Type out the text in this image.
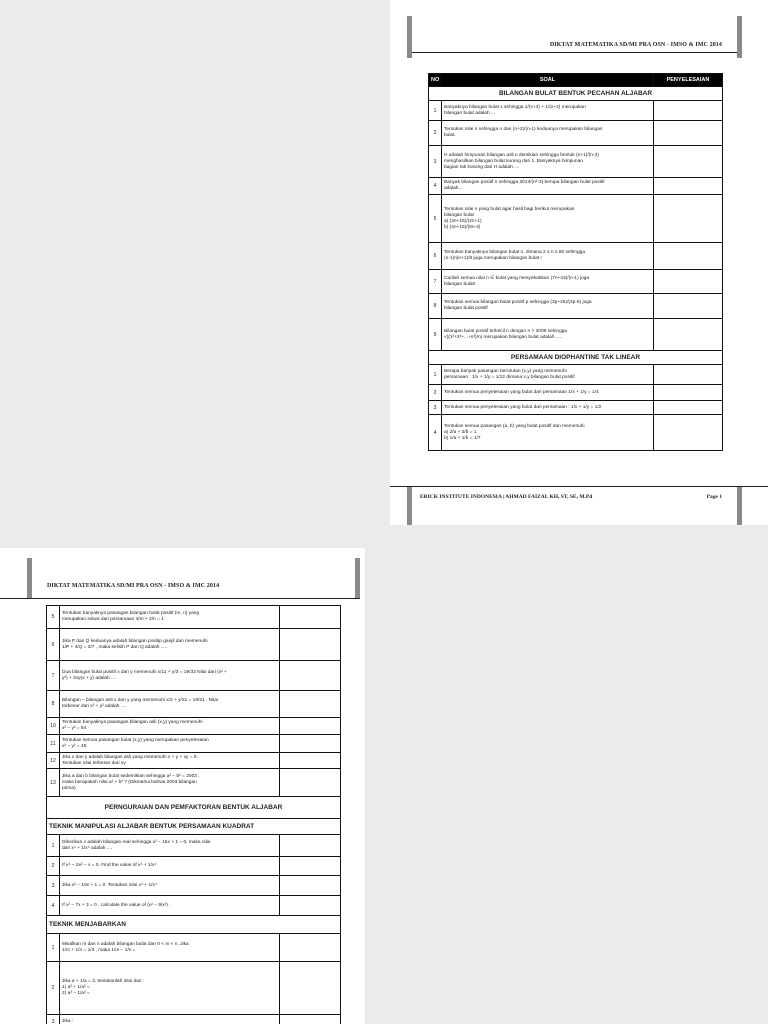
DIKTAT MATEMATIKA SD/MI PRA OSN - IMSO & IMC 2014
NO	SOAL	PENYELESAIAN
BILANGAN BULAT BENTUK PECAHAN ALJABAR		
1	Banyaknya bilangan bulat x sehingga 1/(x+4) + 1/(x+2) merupakan
bilangan bulat adalah ...	
2	Tentukan nilai n sehingga n dan (n+2)/(n-1) keduanya merupakan bilangan
bulat.	
3	H adalah himpunan bilangan asli n demikian sehingga bentuk (n+1)/(n-3)
menghasilkan bilangan bulat kurang dari 1. Banyaknya himpunan
bagian tak kosong dari H adalah ....	
4	Banyak bilangan positif n sehingga 2013/(n²-3) berupa bilangan bulat positif
adalah...	
5	Tentukan nilai n yang bulat agar hasil bagi berikut merupakan
bilangan bulat
a) (3n+15)/(2n+1)
b) (4n+15)/(6n-4)	
6	Tentukan banyaknya bilangan bulat n, dimana 2 ≤ n ≤ 80 sehingga
(n-1)n(n+1)/8 juga merupakan bilangan bulat !	
7	Carilah semua nilai n ∈ bulat yang menyebabkan (7n+43)/(n-1) juga
bilangan bulat!	
8	Tentukan semua bilangan bulat positif p sehingga (3p+25)/(2p-5) juga
bilangan bulat positif	
9	Bilangan bulat positif terkecil n dengan n > 2009 sehingga
√((1³+2³+...+n³)/n) merupakan bilangan bulat adalah .....	
PERSAMAAN DIOPHANTINE TAK LINEAR		
1	Berapa banyak pasangan berurutan (x,y) yang memenuhi
persamaan : 1/x + 1/y = 1/12 dimana x,y bilangan bulat positif	
2	Tentukan semua penyelesaian yang bulat dari persamaan 1/x + 1/y = 1/4	
3	Tentukan semua penyelesaian yang bulat dari persamaan : 1/x + 1/y = 1/2	
4	Tentukan semua pasangan (a, b) yang bulat positif dan memenuhi
a) 2/a + 3/b = 1
b) 1/a + 1/b = 1/7	
ERICK INSTITUTE INDONESIA | AHMAD FAIZAL KH, ST, SE, M.Pd	Page 1
DIKTAT MATEMATIKA SD/MI PRA OSN - IMSO & IMC 2014
5	Tentukan banyaknya pasangan bilangan bulat positif (m, n) yang
merupakan solusi dari persamaan 4/m + 2/n = 1	
6	Jika P dan Q keduanya adalah bilangan positip ganjil dan memenuhi
1/P + 4/Q = 3/7 , maka selisih P dan Q adalah .....	
7	Dua bilangan bulat positif x dan y memenuhi x/11 + y/3 = 19/33 Nilai dari (x² +
y²) + 3xy(x + y) adalah ....	
8	Bilangan – bilangan asli x dan y yang memenuhi x/3 + y/21 = 19/21 . Nilai
terbesar dari x² + y² adalah ....	
10	Tentukan banyaknya pasangan bilangan asli (x,y) yang memenuhi
x² − y² = 64	
11	Tentukan semua pasangan bulat (x,y) yang merupakan penyelesaian
x² − y² = 45	
12	Jika x dan y adalah bilangan asli yang memenuhi x + y + xy = 9.
Tentukan nilai terbesar dari xy	
13	Jika a dan b bilangan bulat sedemikian sehingga a² − b² = 2003 ,
maka berapakah nilai a² + b² ? (Diketahui bahwa 2003 bilangan
prima)	
PERNGURAIAN DAN PEMFAKTORAN BENTUK ALJABAR		
TEKNIK MANIPULASI ALJABAR BENTUK PERSAMAAN KUADRAT		
1	Diberikan x adalah bilangan real sehingga x² − 15x + 1 = 0, maka nilai
dari x⁴ + 1/x⁴ adalah ....	
2	If x⁴ − 2x² − x = 0. Find the value of x⁴ + 1/x⁴	
3	Jika x² − 10x + 1 = 0. Tentukan nilai x⁴ + 1/x⁴	
4	If x² − 7x + 3 = 0 , calculate the value of (x² − 9/x²) .	
TEKNIK MENJABARKAN		
1	Misalkan m dan n adalah bilangan bulat dan 0 < m < n. Jika
1/m + 1/n = 1/3 , maka 1/m − 1/n =	
2	Jika a + 1/a = 3, tentukanlah nilai dari :
1) a³ + 1/a³ =
2) a³ − 1/a³ =	
3	Jika :	
